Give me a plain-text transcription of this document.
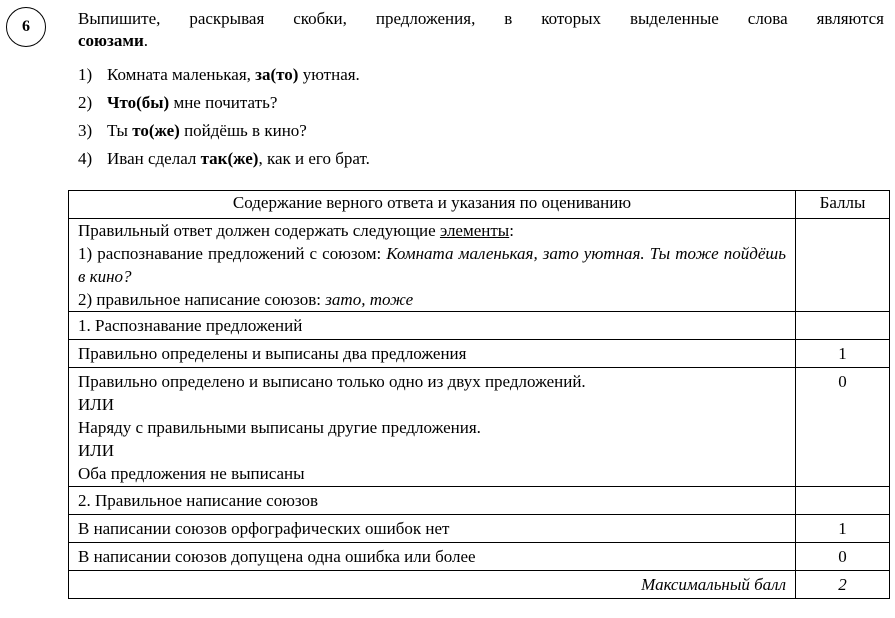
6	Выпишите, раскрывая скобки, предложения, в которых выделенные слова являются
союзами.
1) Комната маленькая, за(то) уютная.
2) Что(бы) мне почитать?
3) Ты то(же) пойдёшь в кино?
4) Иван сделал так(же), как и его брат.
Содержание верного ответа и указания по оцениванию	Баллы
Правильный ответ должен содержать следующие элементы:
1) распознавание предложений с союзом: Комната маленькая, зато уютная. Ты тоже пойдёшь в кино?
2) правильное написание союзов: зато, тоже	
1. Распознавание предложений	
Правильно определены и выписаны два предложения	1
Правильно определено и выписано только одно из двух предложений.
ИЛИ
Наряду с правильными выписаны другие предложения.
ИЛИ
Оба предложения не выписаны	0
2. Правильное написание союзов	
В написании союзов орфографических ошибок нет	1
В написании союзов допущена одна ошибка или более	0
Максимальный балл	2
